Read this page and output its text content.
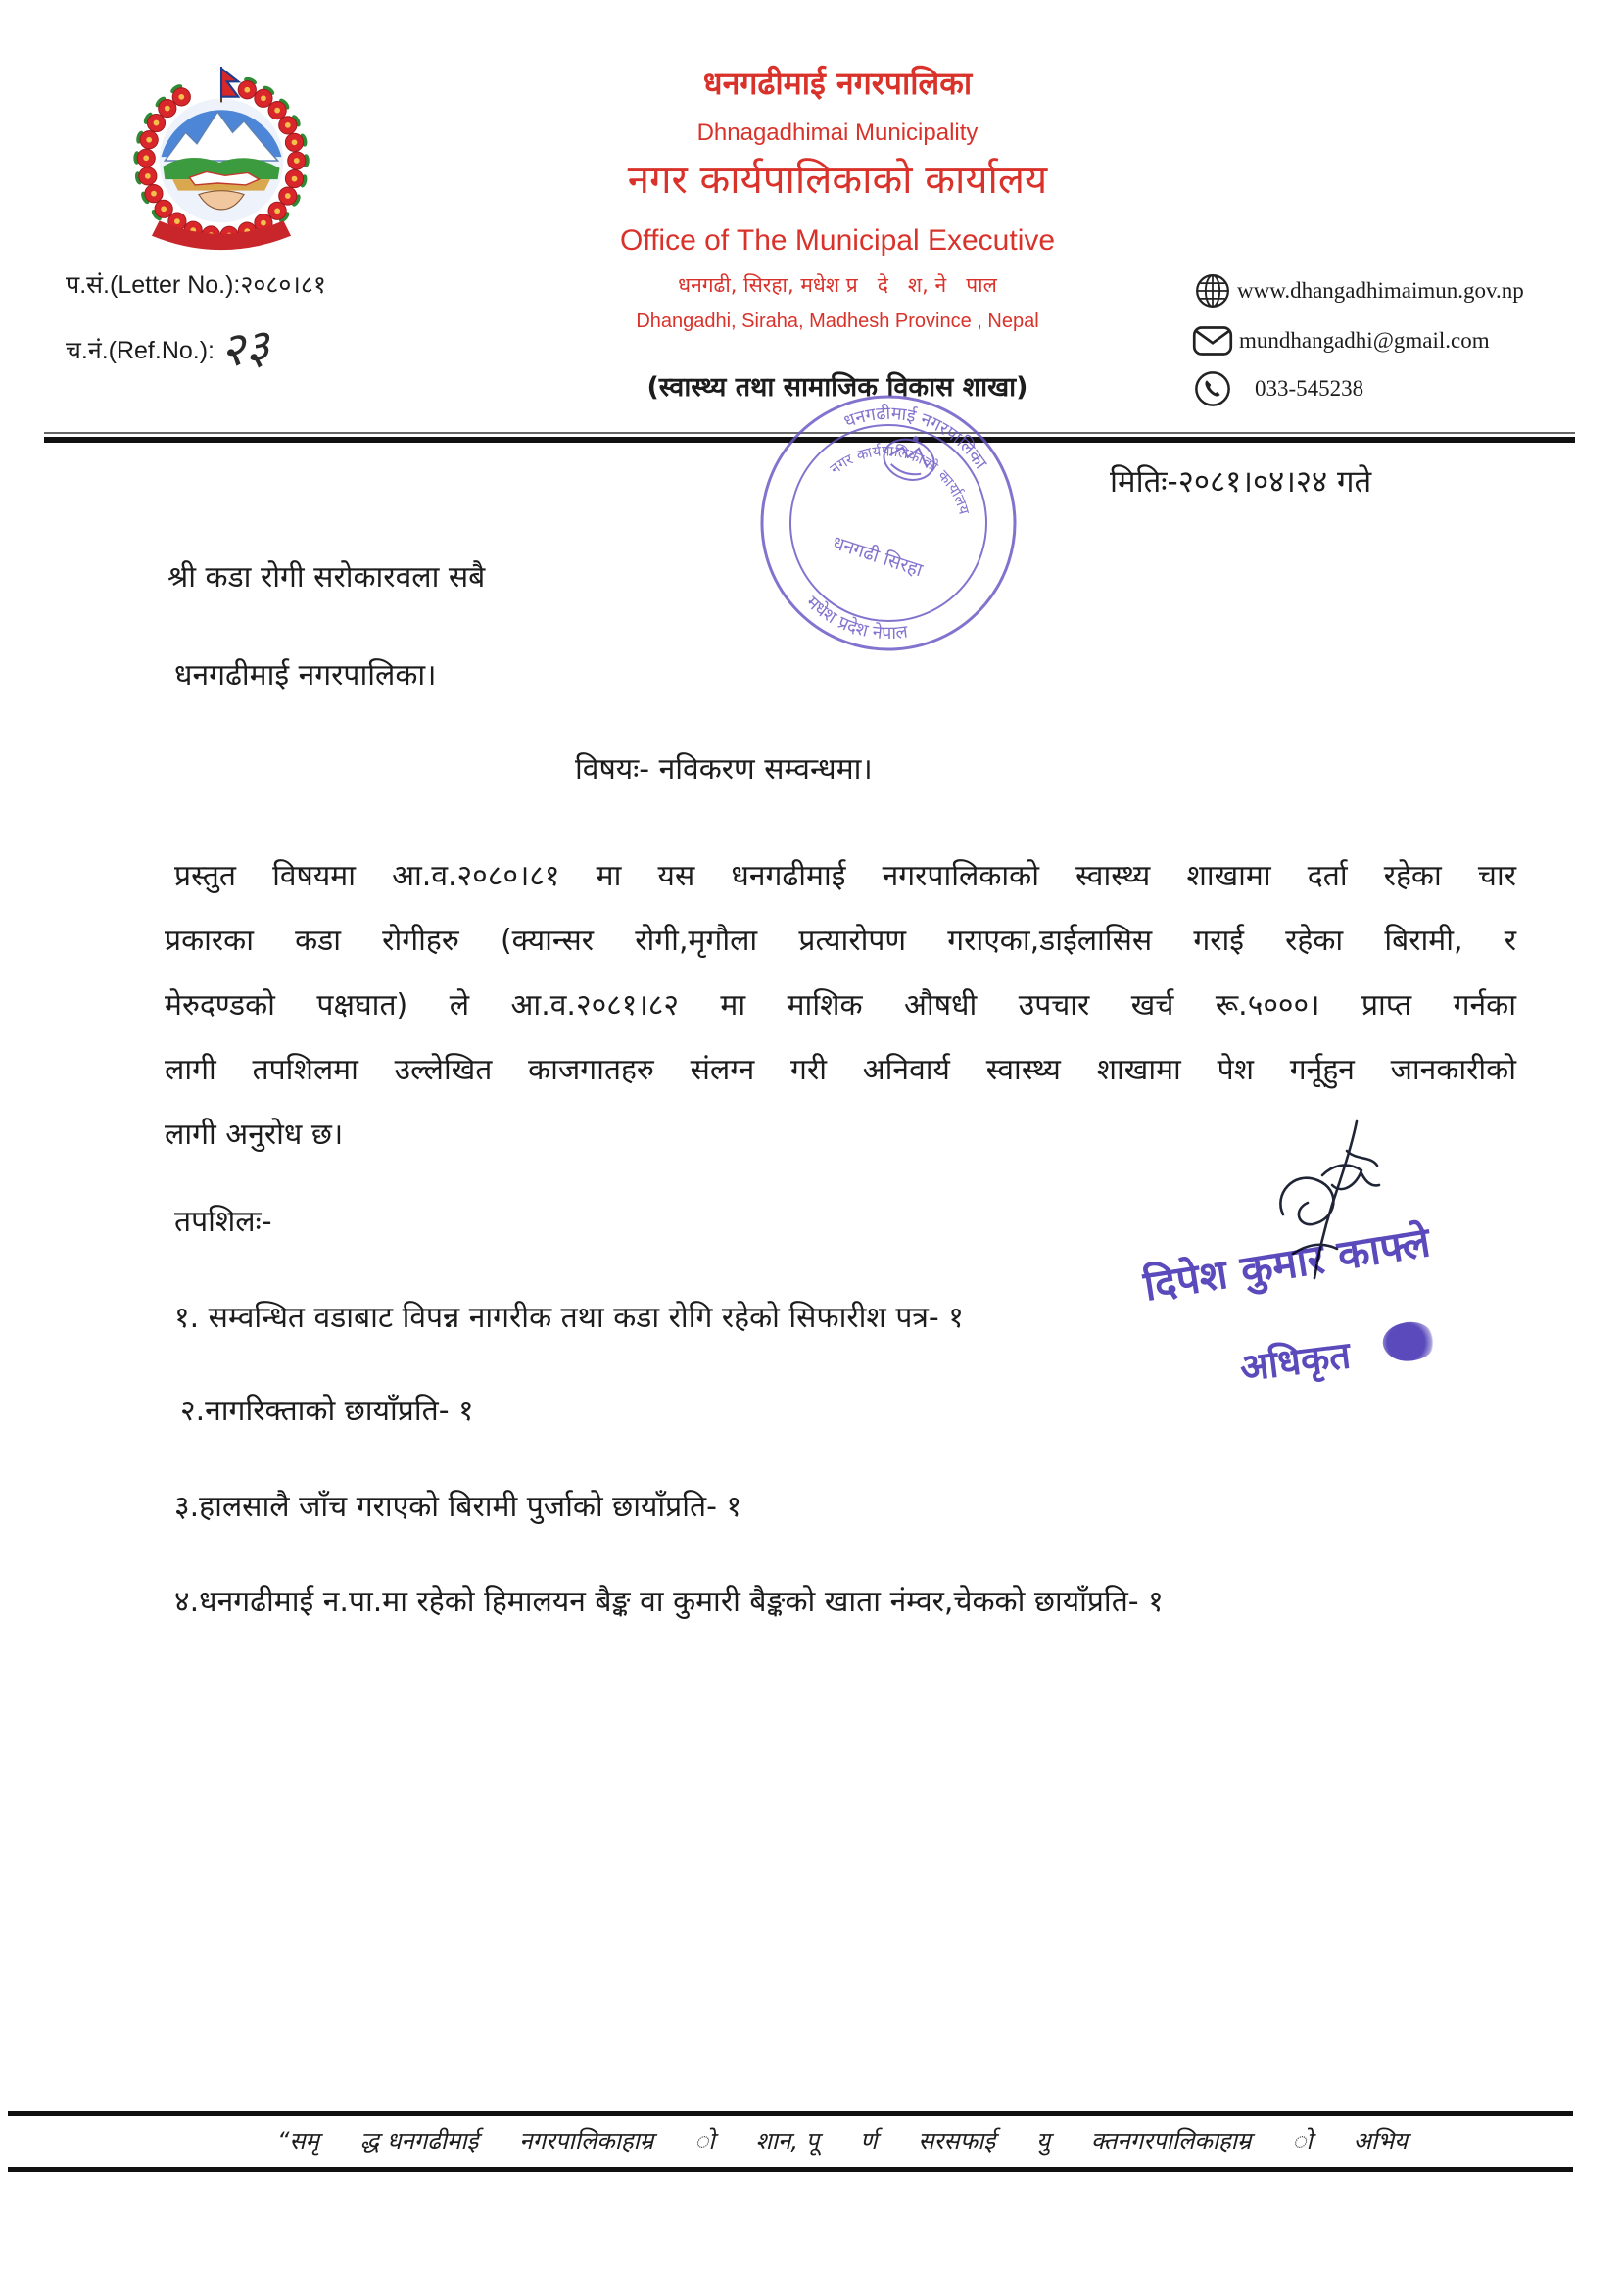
धनगढीमाई नगरपालिका
Dhnagadhimai Municipality
नगर कार्यपालिकाको कार्यालय
Office of The Municipal Executive
धनगढी, सिरहा, मधेश प्र   दे   श, ने   पाल
Dhangadhi, Siraha, Madhesh Province , Nepal
(स्वास्थ्य तथा सामाजिक विकास शाखा)
प.सं.(Letter No.):२०८०।८१
च.नं.(Ref.No.):२३
www.dhangadhimaimun.gov.np
mundhangadhi@gmail.com
033-545238
धनगढीमाई नगरपालिका
नगर कार्यपालिकाको कार्यालय
धनगढी सिरहा
मधेश प्रदेश नेपाल
मितिः-२०८१।०४।२४ गते
श्री कडा रोगी सरोकारवला सबै
धनगढीमाई नगरपालिका।
विषयः- नविकरण सम्वन्धमा।
प्रस्तुत विषयमा आ.व.२०८०।८१ मा यस धनगढीमाई नगरपालिकाको स्वास्थ्य शाखामा दर्ता रहेका चार
प्रकारका कडा रोगीहरु (क्यान्सर रोगी,मृगौला प्रत्यारोपण गराएका,डाईलासिस गराई रहेका बिरामी, र
मेरुदण्डको पक्षघात) ले आ.व.२०८१।८२ मा माशिक औषधी उपचार खर्च रू.५०००। प्राप्त गर्नका
लागी तपशिलमा उल्लेखित काजगातहरु संलग्न गरी अनिवार्य स्वास्थ्य शाखामा पेश गर्नूहुन जानकारीको
लागी अनुरोध छ।
तपशिलः-
१. सम्वन्धित वडाबाट विपन्न नागरीक तथा कडा रोगि रहेको सिफारीश पत्र- १
२.नागरिक्ताको छायाँप्रति- १
३.हालसालै जाँच गराएको बिरामी पुर्जाको छायाँप्रति- १
४.धनगढीमाई न.पा.मा रहेको हिमालयन बैङ्क वा कुमारी बैङ्कको खाता नंम्वर,चेकको छायाँप्रति- १
दिपेश कुमार काफ्ले
अधिकृत
“समृ द्ध धनगढीमाई नगरपालिकाहाम्र ो शान, पू र्ण सरसफाई यु क्तनगरपालिकाहाम्र ो अभिय
